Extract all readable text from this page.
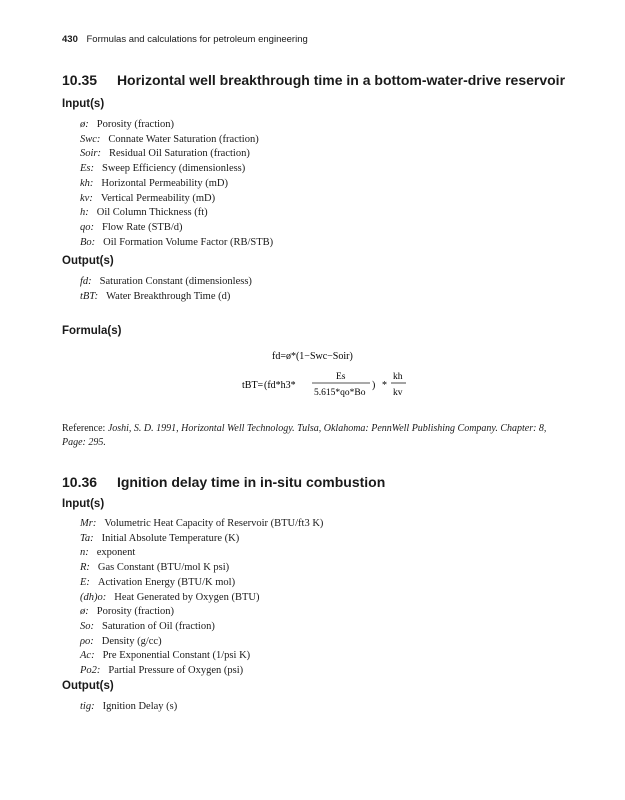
430 Formulas and calculations for petroleum engineering
10.35 Horizontal well breakthrough time in a bottom-water-drive reservoir
Input(s)
ø: Porosity (fraction)
Swc: Connate Water Saturation (fraction)
Soir: Residual Oil Saturation (fraction)
Es: Sweep Efficiency (dimensionless)
kh: Horizontal Permeability (mD)
kv: Vertical Permeability (mD)
h: Oil Column Thickness (ft)
qo: Flow Rate (STB/d)
Bo: Oil Formation Volume Factor (RB/STB)
Output(s)
fd: Saturation Constant (dimensionless)
tBT: Water Breakthrough Time (d)
Formula(s)
fd=ø*(1−Swc−Soir)
tBT= (fd*h3*
Es
5.615*qo*Bo
) *
kh
kv
Reference: Joshi, S. D. 1991, Horizontal Well Technology. Tulsa, Oklahoma: PennWell Publishing Company. Chapter: 8, Page: 295.
10.36 Ignition delay time in in-situ combustion
Input(s)
Mr: Volumetric Heat Capacity of Reservoir (BTU/ft3 K)
Ta: Initial Absolute Temperature (K)
n: exponent
R: Gas Constant (BTU/mol K psi)
E: Activation Energy (BTU/K mol)
(dh)o: Heat Generated by Oxygen (BTU)
ø: Porosity (fraction)
So: Saturation of Oil (fraction)
ρo: Density (g/cc)
Ac: Pre Exponential Constant (1/psi K)
Po2: Partial Pressure of Oxygen (psi)
Output(s)
tig: Ignition Delay (s)
